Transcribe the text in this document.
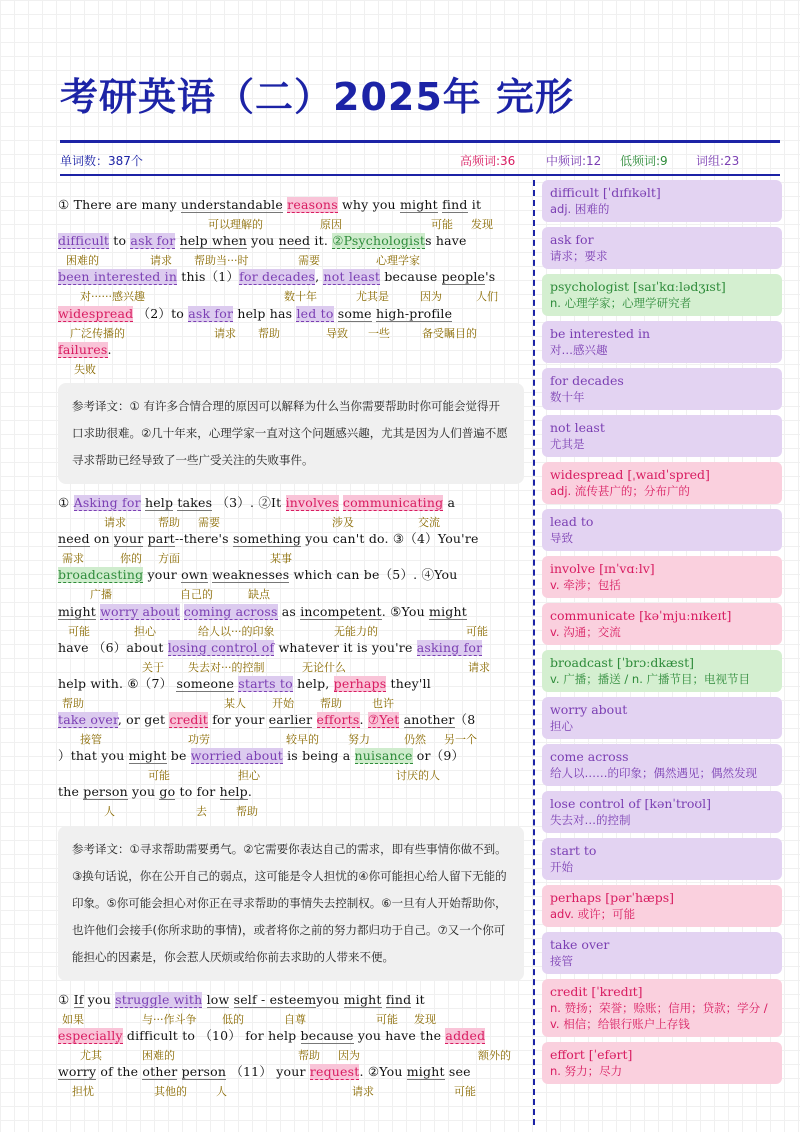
考研英语（二）2025年 完形
单词数：387个	高频词:36	中频词:12 低频词:9 词组:23
① There are many understandable reasons why you might find it
可以理解的	原因	可能 发现
difficult to ask for help when you need it. ②Psychologists have
困难的	请求 帮助当···时	需要	心理学家
been interested in this（1）for decades, not least because people's
对······感兴趣	数十年	尤其是	因为	人们
widespread （2）to ask for help has led to some high-profile
广泛传播的	请求 帮助	导致 一些	备受瞩目的
failures.
失败
参考译文：① 有许多合情合理的原因可以解释为什么当你需要帮助时你可能会觉得开口求助很难。②几十年来，心理学家一直对这个问题感兴趣，尤其是因为人们普遍不愿寻求帮助已经导致了一些广受关注的失败事件。
① Asking for help takes （3）. ②It involves communicating a
请求	帮助 需要	涉及	交流
need on your part--there's something you can't do. ③（4）You're
需求	你的 方面	某事
broadcasting your own weaknesses which can be（5）. ④You
广播	自己的	缺点
might worry about coming across as incompetent. ⑤You might
可能	担心	给人以···的印象	无能力的	可能
have （6）about losing control of whatever it is you're asking for
关于 失去对···的控制	无论什么	请求
help with. ⑥（7） someone starts to help, perhaps they'll
帮助	某人 开始 帮助	也许
take over, or get credit for your earlier efforts. ⑦Yet another（8
接管	功劳	较早的	努力	仍然 另一个
）that you might be worried about is being a nuisance or（9）
可能	担心	讨厌的人
the person you go to for help.
人	去	帮助
参考译文：①寻求帮助需要勇气。②它需要你表达自己的需求，即有些事情你做不到。③换句话说，你在公开自己的弱点，这可能是令人担忧的④你可能担心给人留下无能的印象。⑤你可能会担心对你正在寻求帮助的事情失去控制权。⑥一旦有人开始帮助你，也许他们会接手(你所求助的事情)，或者将你之前的努力都归功于自己。⑦又一个你可能担心的因素是，你会惹人厌烦或给你前去求助的人带来不便。
① If you struggle with low self - esteemyou might find it
如果	与···作斗争 低的	自尊	可能 发现
especially difficult to （10） for help because you have the added
尤其	困难的	帮助 因为	额外的
worry of the other person （11） your request. ②You might see
担忧	其他的	人	请求	可能
difficult [ˈdɪfɪkəlt]
adj. 困难的
ask for
请求；要求
psychologist [saɪˈkɑːlədʒɪst]
n. 心理学家；心理学研究者
be interested in
对…感兴趣
for decades
数十年
not least
尤其是
widespread [ˌwaɪdˈspred]
adj. 流传甚广的；分布广的
lead to
导致
involve [ɪnˈvɑːlv]
v. 牵涉；包括
communicate [kəˈmjuːnɪkeɪt]
v. 沟通；交流
broadcast [ˈbrɔːdkæst]
v. 广播；播送 / n. 广播节目；电视节目
worry about
担心
come across
给人以……的印象；偶然遇见；偶然发现
lose control of [kənˈtroʊl]
失去对…的控制
start to
开始
perhaps [pərˈhæps]
adv. 或许；可能
take over
接管
credit [ˈkredɪt]
n. 赞扬；荣誉；赊账；信用；贷款；学分 / v. 相信；给银行账户上存钱
effort [ˈefərt]
n. 努力；尽力
